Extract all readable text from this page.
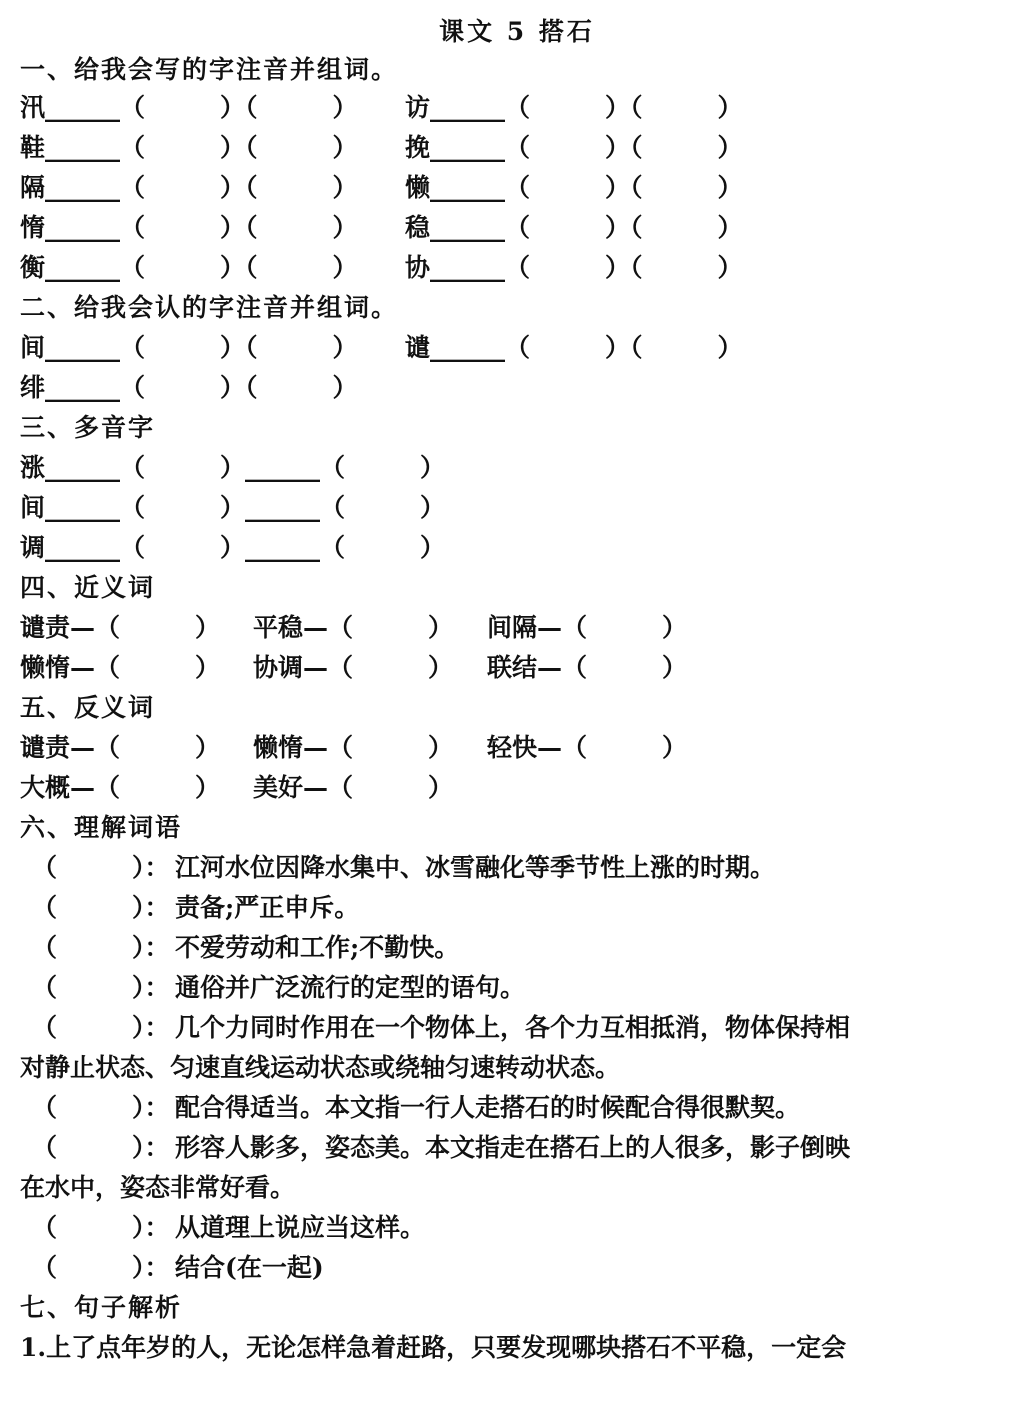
课文 5 搭石
一、给我会写的字注音并组词。

汛______（　　　）（　　　）

访______（　　　）（　　　）

鞋______（　　　）（　　　）

挽______（　　　）（　　　）

隔______（　　　）（　　　）

懒______（　　　）（　　　）

惰______（　　　）（　　　）

稳______（　　　）（　　　）

衡______（　　　）（　　　）

协______（　　　）（　　　）

二、给我会认的字注音并组词。

间______（　　　）（　　　）

谴______（　　　）（　　　）

绯______（　　　）（　　　）

三、多音字
涨______（　　　）______（　　　）
间______（　　　）______（　　　）
调______（　　　）______（　　　）
四、近义词

谴责—（　　　）

平稳—（　　　）

间隔—（　　　）

懒惰—（　　　）

协调—（　　　）

联结—（　　　）

五、反义词

谴责—（　　　）

懒惰—（　　　）

轻快—（　　　）

大概—（　　　）

美好—（　　　）

六、理解词语

（　　　）：

江河水位因降水集中、冰雪融化等季节性上涨的时期。

（　　　）：

责备;严正申斥。

（　　　）：

不爱劳动和工作;不勤快。

（　　　）：

通俗并广泛流行的定型的语句。

（　　　）：

几个力同时作用在一个物体上，各个力互相抵消，物体保持相

对静止状态、匀速直线运动状态或绕轴匀速转动状态。

（　　　）：

配合得适当。本文指一行人走搭石的时候配合得很默契。

（　　　）：

形容人影多，姿态美。本文指走在搭石上的人很多，影子倒映

在水中，姿态非常好看。

（　　　）：

从道理上说应当这样。

（　　　）：

结合(在一起)

七、句子解析
1.上了点年岁的人，无论怎样急着赶路，只要发现哪块搭石不平稳，一定会
